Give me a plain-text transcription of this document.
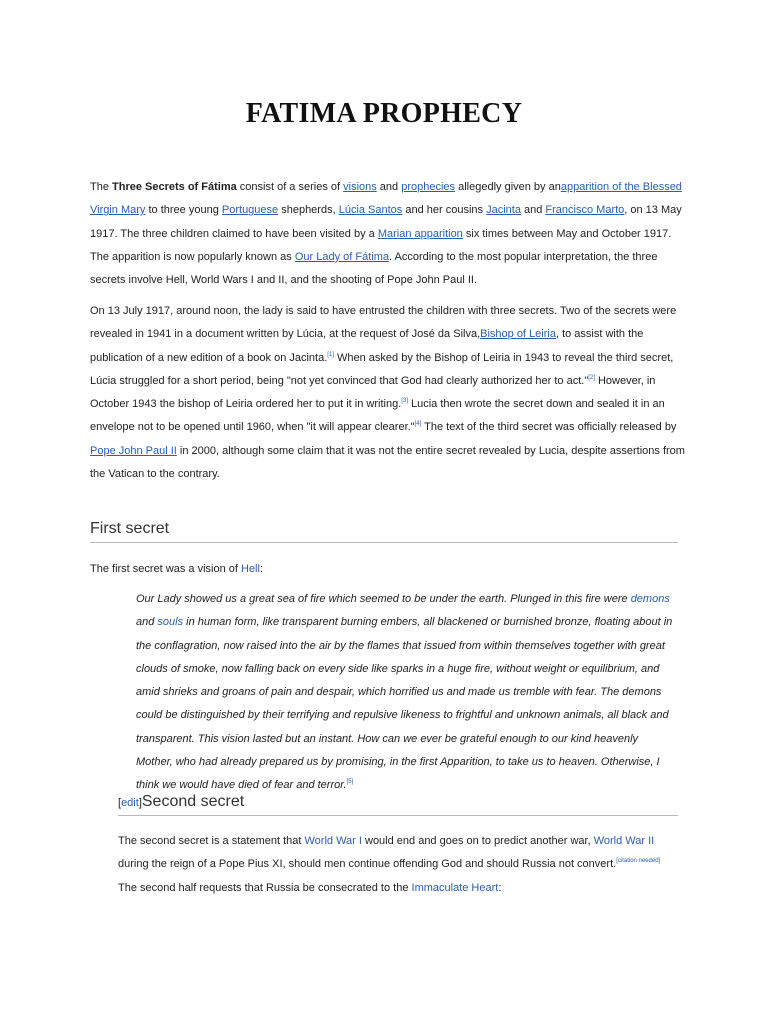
FATIMA PROPHECY

The Three Secrets of Fátima consist of a series of visions and prophecies allegedly given by anapparition of the Blessed Virgin Mary to three young Portuguese shepherds, Lúcia Santos and her cousins Jacinta and Francisco Marto, on 13 May 1917. The three children claimed to have been visited by a Marian apparition six times between May and October 1917. The apparition is now popularly known as Our Lady of Fátima. According to the most popular interpretation, the three secrets involve Hell, World Wars I and II, and the shooting of Pope John Paul II.

On 13 July 1917, around noon, the lady is said to have entrusted the children with three secrets. Two of the secrets were revealed in 1941 in a document written by Lúcia, at the request of José da Silva,Bishop of Leiria, to assist with the publication of a new edition of a book on Jacinta.[1] When asked by the Bishop of Leiria in 1943 to reveal the third secret, Lúcia struggled for a short period, being "not yet convinced that God had clearly authorized her to act."[2] However, in October 1943 the bishop of Leiria ordered her to put it in writing.[3] Lucia then wrote the secret down and sealed it in an envelope not to be opened until 1960, when "it will appear clearer."[4] The text of the third secret was officially released by Pope John Paul II in 2000, although some claim that it was not the entire secret revealed by Lucia, despite assertions from the Vatican to the contrary.

First secret

The first secret was a vision of Hell:

Our Lady showed us a great sea of fire which seemed to be under the earth. Plunged in this fire were demons and souls in human form, like transparent burning embers, all blackened or burnished bronze, floating about in the conflagration, now raised into the air by the flames that issued from within themselves together with great clouds of smoke, now falling back on every side like sparks in a huge fire, without weight or equilibrium, and amid shrieks and groans of pain and despair, which horrified us and made us tremble with fear. The demons could be distinguished by their terrifying and repulsive likeness to frightful and unknown animals, all black and transparent. This vision lasted but an instant. How can we ever be grateful enough to our kind heavenly Mother, who had already prepared us by promising, in the first Apparition, to take us to heaven. Otherwise, I think we would have died of fear and terror.[5]
[edit]Second secret

The second secret is a statement that World War I would end and goes on to predict another war, World War II during the reign of a Pope Pius XI, should men continue offending God and should Russia not convert.[citation needed] The second half requests that Russia be consecrated to the Immaculate Heart:
